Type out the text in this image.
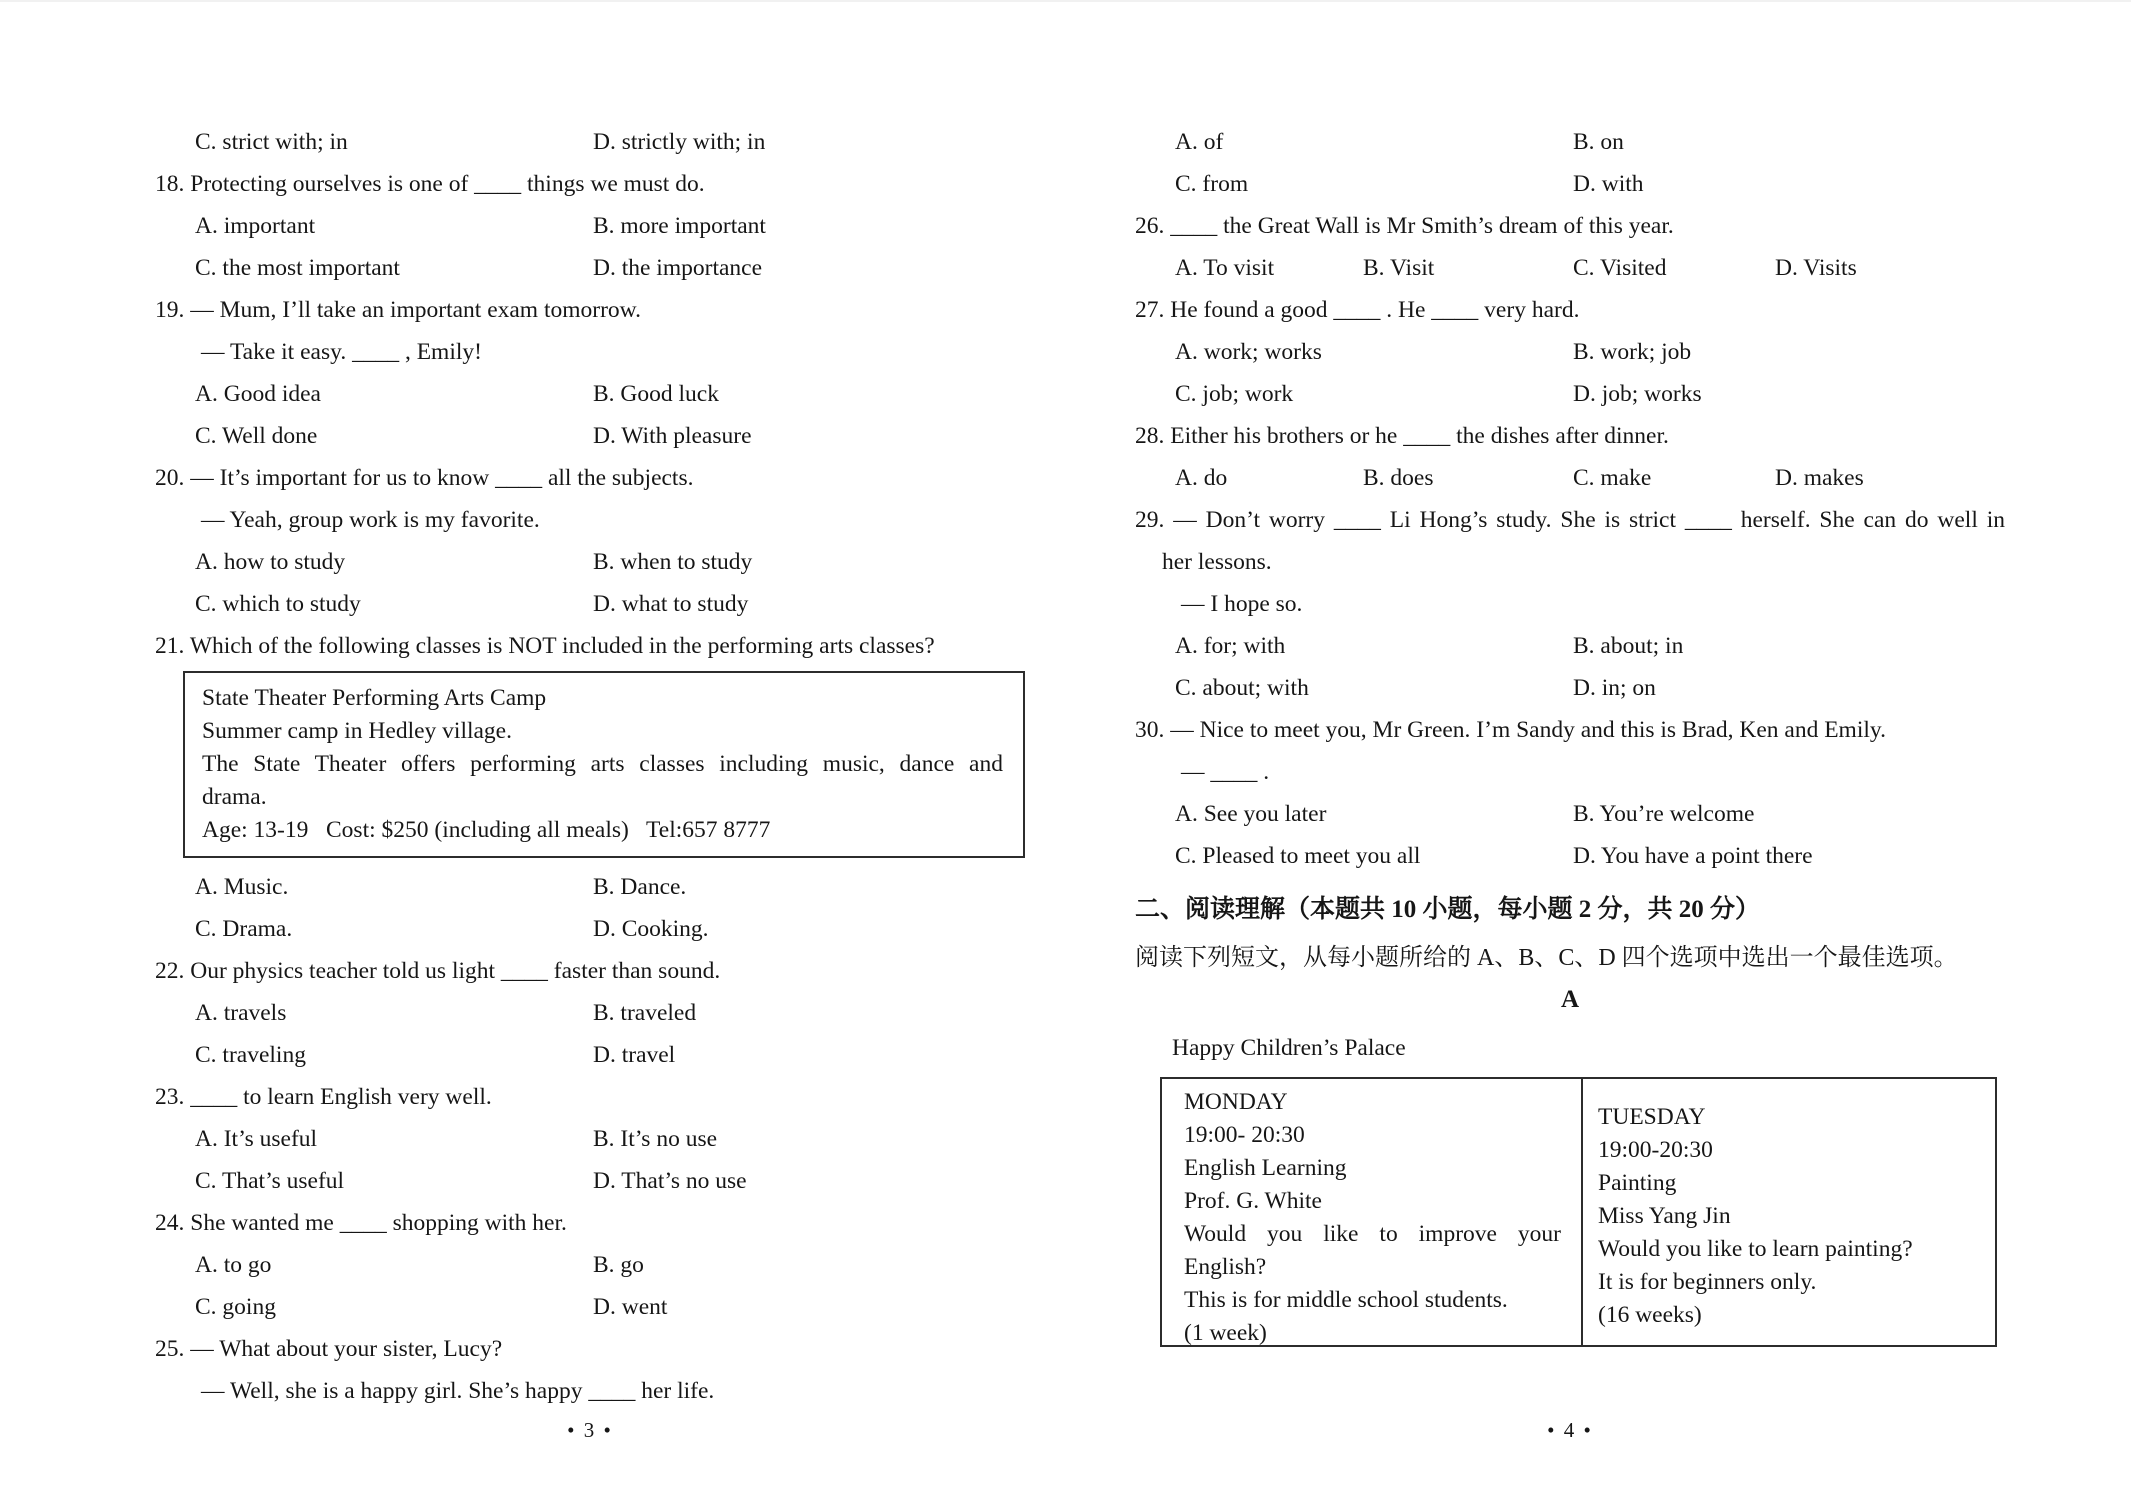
C. strict with; in	D. strictly with; in
18. Protecting ourselves is one of ____ things we must do.
A. important	B. more important
C. the most important	D. the importance
19. — Mum, I’ll take an important exam tomorrow.
— Take it easy. ____ , Emily!
A. Good idea	B. Good luck
C. Well done	D. With pleasure
20. — It’s important for us to know ____ all the subjects.
— Yeah, group work is my favorite.
A. how to study	B. when to study
C. which to study	D. what to study
21. Which of the following classes is NOT included in the performing arts classes?
State Theater Performing Arts Camp
Summer camp in Hedley village.
The State Theater offers performing arts classes including music, dance and
drama.
Age: 13-19   Cost: $250 (including all meals)   Tel:657 8777
A. Music.	B. Dance.
C. Drama.	D. Cooking.
22. Our physics teacher told us light ____ faster than sound.
A. travels	B. traveled
C. traveling	D. travel
23. ____ to learn English very well.
A. It’s useful	B. It’s no use
C. That’s useful	D. That’s no use
24. She wanted me ____ shopping with her.
A. to go	B. go
C. going	D. went
25. — What about your sister, Lucy?
— Well, she is a happy girl. She’s happy ____ her life.
A. of	B. on
C. from	D. with
26. ____ the Great Wall is Mr Smith’s dream of this year.
A. To visit	B. Visit	C. Visited	D. Visits
27. He found a good ____ . He ____ very hard.
A. work; works	B. work; job
C. job; work	D. job; works
28. Either his brothers or he ____ the dishes after dinner.
A. do	B. does	C. make	D. makes
29. — Don’t worry ____ Li Hong’s study. She is strict ____ herself. She can do well in
her lessons.
— I hope so.
A. for; with	B. about; in
C. about; with	D. in; on
30. — Nice to meet you, Mr Green. I’m Sandy and this is Brad, Ken and Emily.
— ____ .
A. See you later	B. You’re welcome
C. Pleased to meet you all	D. You have a point there
二、阅读理解（本题共 10 小题，每小题 2 分，共 20 分）
阅读下列短文，从每小题所给的 A、B、C、D 四个选项中选出一个最佳选项。
A
Happy Children’s Palace
MONDAY
19:00- 20:30
English Learning
Prof. G. White
Would you like to improve your
English?
This is for middle school students.
(1 week)
TUESDAY
19:00-20:30
Painting
Miss Yang Jin
Would you like to learn painting?
It is for beginners only.
(16 weeks)
• 3 •	• 4 •
